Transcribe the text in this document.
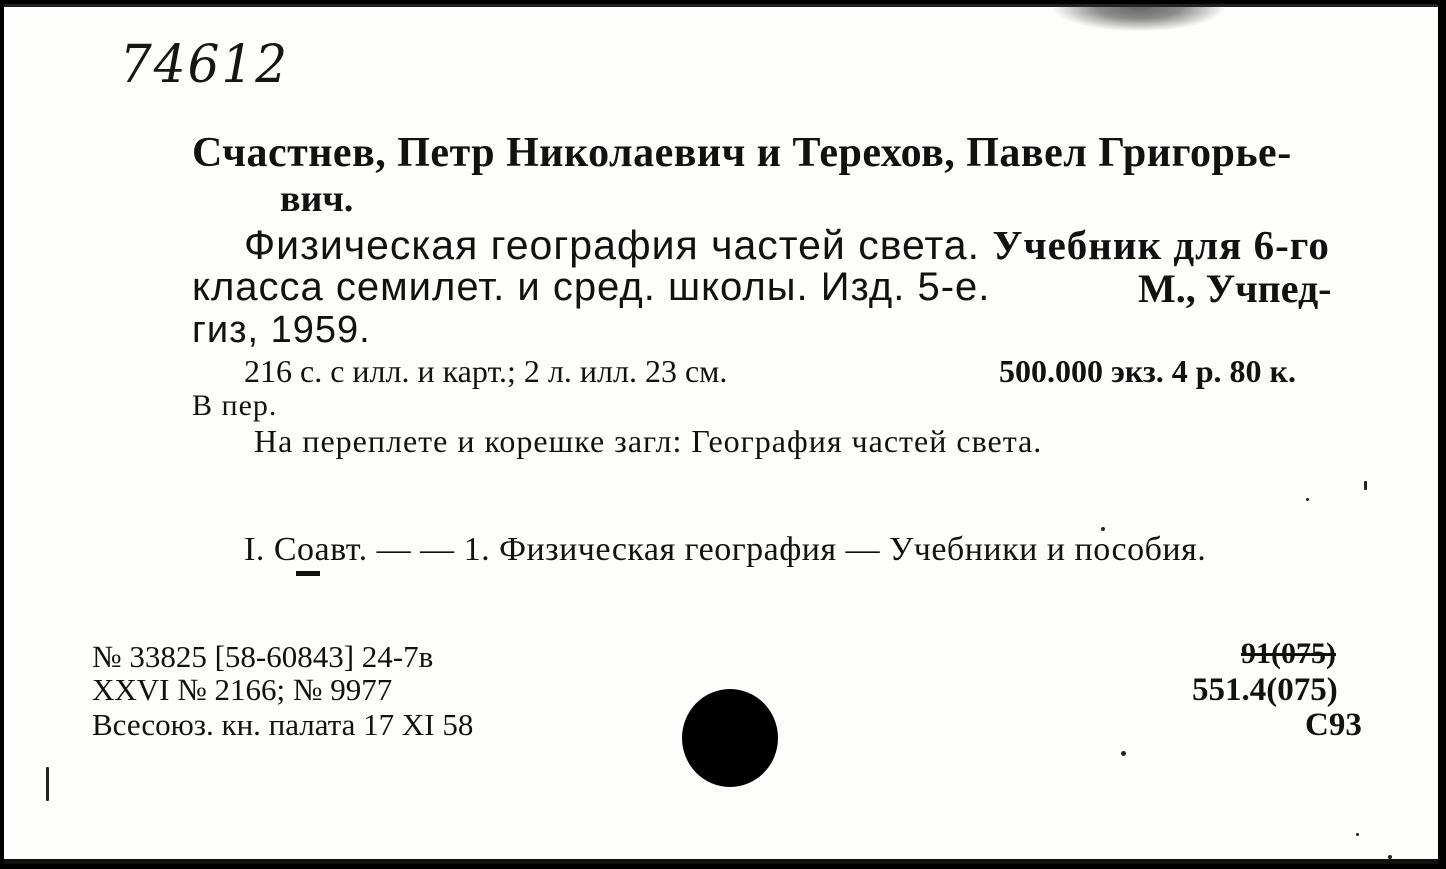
74612
Счастнев, Петр Николаевич и Терехов, Павел Григорье-
вич.
Физическая география частей света. Учебник для 6-го
класса семилет. и сред. школы. Изд. 5-е.	М., Учпед-
гиз, 1959.
216 с. с илл. и карт.; 2 л. илл. 23 см.	500.000 экз. 4 р. 80 к.
В пер.
На переплете и корешке загл: География частей света.
I. Соавт. — — 1. Физическая география — Учебники и пособия.
№ 33825 [58-60843] 24-7в
XXVI № 2166; № 9977
Всесоюз. кн. палата 17 XI 58
91(075)
551.4(075)
С93
